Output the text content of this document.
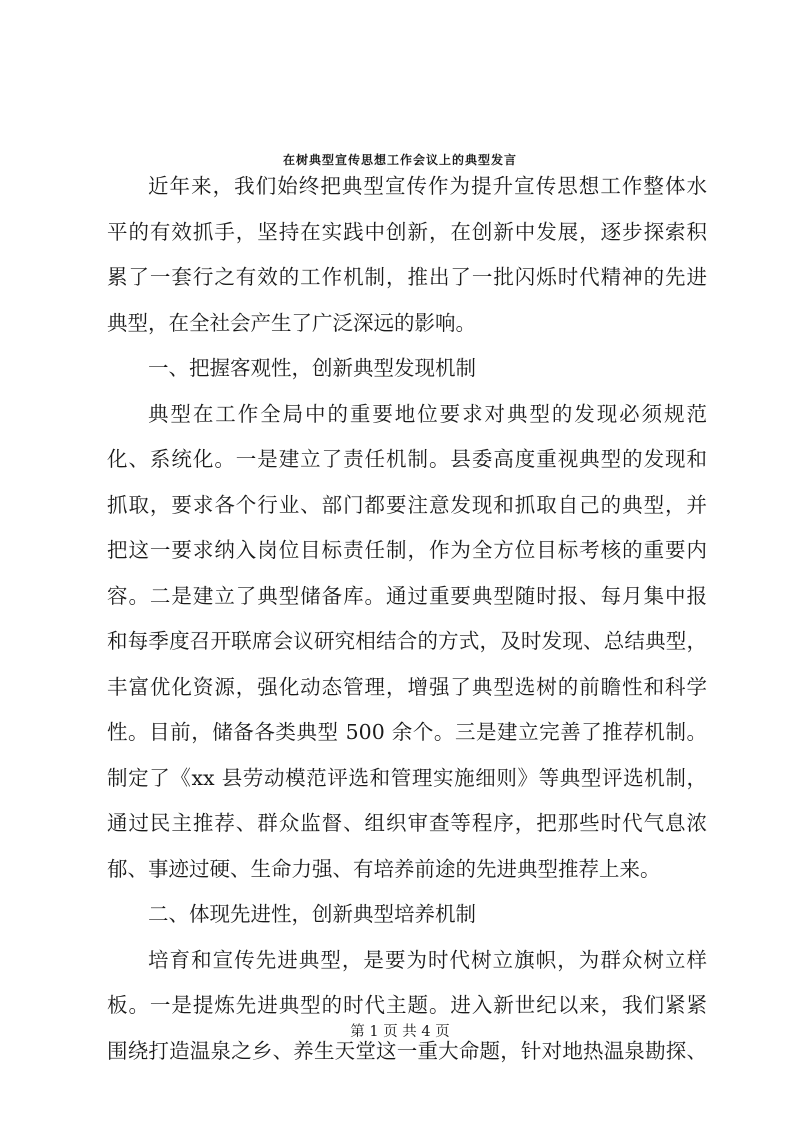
在树典型宣传思想工作会议上的典型发言
近年来，我们始终把典型宣传作为提升宣传思想工作整体水
平的有效抓手，坚持在实践中创新，在创新中发展，逐步探索积
累了一套行之有效的工作机制，推出了一批闪烁时代精神的先进
典型，在全社会产生了广泛深远的影响。
一、把握客观性，创新典型发现机制
典型在工作全局中的重要地位要求对典型的发现必须规范
化、系统化。一是建立了责任机制。县委高度重视典型的发现和
抓取，要求各个行业、部门都要注意发现和抓取自己的典型，并
把这一要求纳入岗位目标责任制，作为全方位目标考核的重要内
容。二是建立了典型储备库。通过重要典型随时报、每月集中报
和每季度召开联席会议研究相结合的方式，及时发现、总结典型，
丰富优化资源，强化动态管理，增强了典型选树的前瞻性和科学
性。目前，储备各类典型 500 余个。三是建立完善了推荐机制。
制定了《xx 县劳动模范评选和管理实施细则》等典型评选机制，
通过民主推荐、群众监督、组织审查等程序，把那些时代气息浓
郁、事迹过硬、生命力强、有培养前途的先进典型推荐上来。
二、体现先进性，创新典型培养机制
培育和宣传先进典型，是要为时代树立旗帜，为群众树立样
板。一是提炼先进典型的时代主题。进入新世纪以来，我们紧紧
围绕打造温泉之乡、养生天堂这一重大命题，针对地热温泉勘探、
第 1 页 共 4 页
